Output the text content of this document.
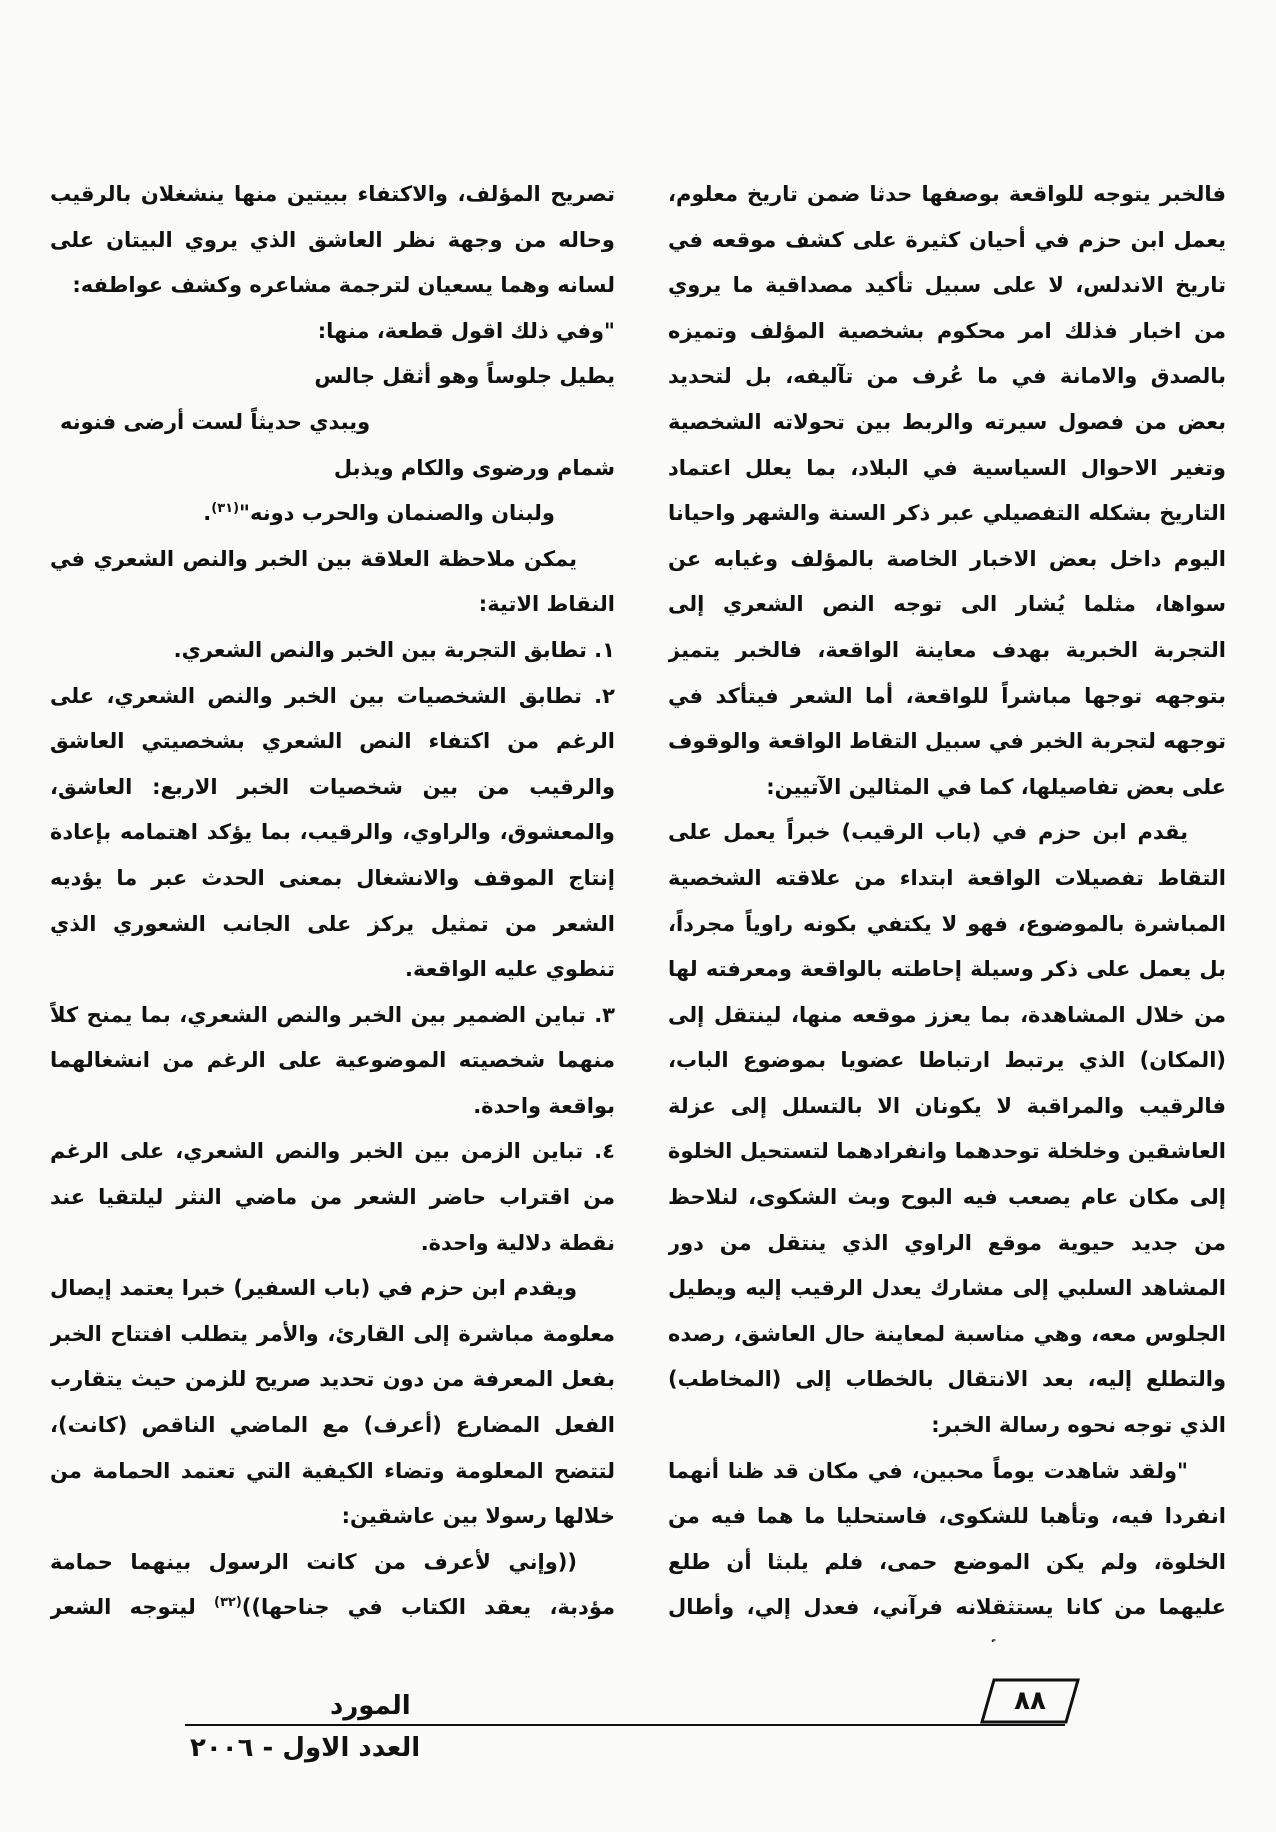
فالخبر يتوجه للواقعة بوصفها حدثا ضمن تاريخ معلوم، يعمل ابن حزم في أحيان كثيرة على كشف موقعه في تاريخ الاندلس، لا على سبيل تأكيد مصداقية ما يروي من اخبار فذلك امر محكوم بشخصية المؤلف وتميزه بالصدق والامانة في ما عُرف من تآليفه، بل لتحديد بعض من فصول سيرته والربط بين تحولاته الشخصية وتغير الاحوال السياسية في البلاد، بما يعلل اعتماد التاريخ بشكله التفصيلي عبر ذكر السنة والشهر واحيانا اليوم داخل بعض الاخبار الخاصة بالمؤلف وغيابه عن سواها، مثلما يُشار الى توجه النص الشعري إلى التجربة الخبرية بهدف معاينة الواقعة، فالخبر يتميز بتوجهه توجها مباشراً للواقعة، أما الشعر فيتأكد في توجهه لتجربة الخبر في سبيل التقاط الواقعة والوقوف على بعض تفاصيلها، كما في المثالين الآتيين:

يقدم ابن حزم في (باب الرقيب) خبراً يعمل على التقاط تفصيلات الواقعة ابتداء من علاقته الشخصية المباشرة بالموضوع، فهو لا يكتفي بكونه راوياً مجرداً، بل يعمل على ذكر وسيلة إحاطته بالواقعة ومعرفته لها من خلال المشاهدة، بما يعزز موقعه منها، لينتقل إلى (المكان) الذي يرتبط ارتباطا عضويا بموضوع الباب، فالرقيب والمراقبة لا يكونان الا بالتسلل إلى عزلة العاشقين وخلخلة توحدهما وانفرادهما لتستحيل الخلوة إلى مكان عام يصعب فيه البوح وبث الشكوى، لنلاحظ من جديد حيوية موقع الراوي الذي ينتقل من دور المشاهد السلبي إلى مشارك يعدل الرقيب إليه ويطيل الجلوس معه، وهي مناسبة لمعاينة حال العاشق، رصده والتطلع إليه، بعد الانتقال بالخطاب إلى (المخاطب) الذي توجه نحوه رسالة الخبر:

"ولقد شاهدت يوماً محبين، في مكان قد ظنا أنهما انفردا فيه، وتأهبا للشكوى، فاستحليا ما هما فيه من الخلوة، ولم يكن الموضع حمى، فلم يلبثا أن طلع عليهما من كانا يستثقلانه فرآني، فعدل إلي، وأطال

تصريح المؤلف، والاكتفاء ببيتين منها ينشغلان بالرقيب وحاله من وجهة نظر العاشق الذي يروي البيتان على لسانه وهما يسعيان لترجمة مشاعره وكشف عواطفه:

"وفي ذلك اقول قطعة، منها:

يطيل جلوساً وهو أثقل جالس

ويبدي حديثاً لست أرضى فنونه

شمام ورضوى والكام ويذبل

ولبنان والصنمان والحرب دونه"$^{(٣١)}$.

يمكن ملاحظة العلاقة بين الخبر والنص الشعري في النقاط الاتية:

١. تطابق التجربة بين الخبر والنص الشعري.

٢. تطابق الشخصيات بين الخبر والنص الشعري، على الرغم من اكتفاء النص الشعري بشخصيتي العاشق والرقيب من بين شخصيات الخبر الاربع: العاشق، والمعشوق، والراوي، والرقيب، بما يؤكد اهتمامه بإعادة إنتاج الموقف والانشغال بمعنى الحدث عبر ما يؤديه الشعر من تمثيل يركز على الجانب الشعوري الذي تنطوي عليه الواقعة.

٣. تباين الضمير بين الخبر والنص الشعري، بما يمنح كلاً منهما شخصيته الموضوعية على الرغم من انشغالهما بواقعة واحدة.

٤. تباين الزمن بين الخبر والنص الشعري، على الرغم من اقتراب حاضر الشعر من ماضي النثر ليلتقيا عند نقطة دلالية واحدة.

ويقدم ابن حزم في (باب السفير) خبرا يعتمد إيصال معلومة مباشرة إلى القارئ، والأمر يتطلب افتتاح الخبر بفعل المعرفة من دون تحديد صريح للزمن حيث يتقارب الفعل المضارع (أعرف) مع الماضي الناقص (كانت)، لتتضح المعلومة وتضاء الكيفية التي تعتمد الحمامة من خلالها رسولا بين عاشقين:

((وإني لأعرف من كانت الرسول بينهما حمامة مؤدبة، يعقد الكتاب في جناحها))$^{(٣٢)}$ ليتوجه الشعر

٨٨
المورد
العدد الاول - ٢٠٠٦
